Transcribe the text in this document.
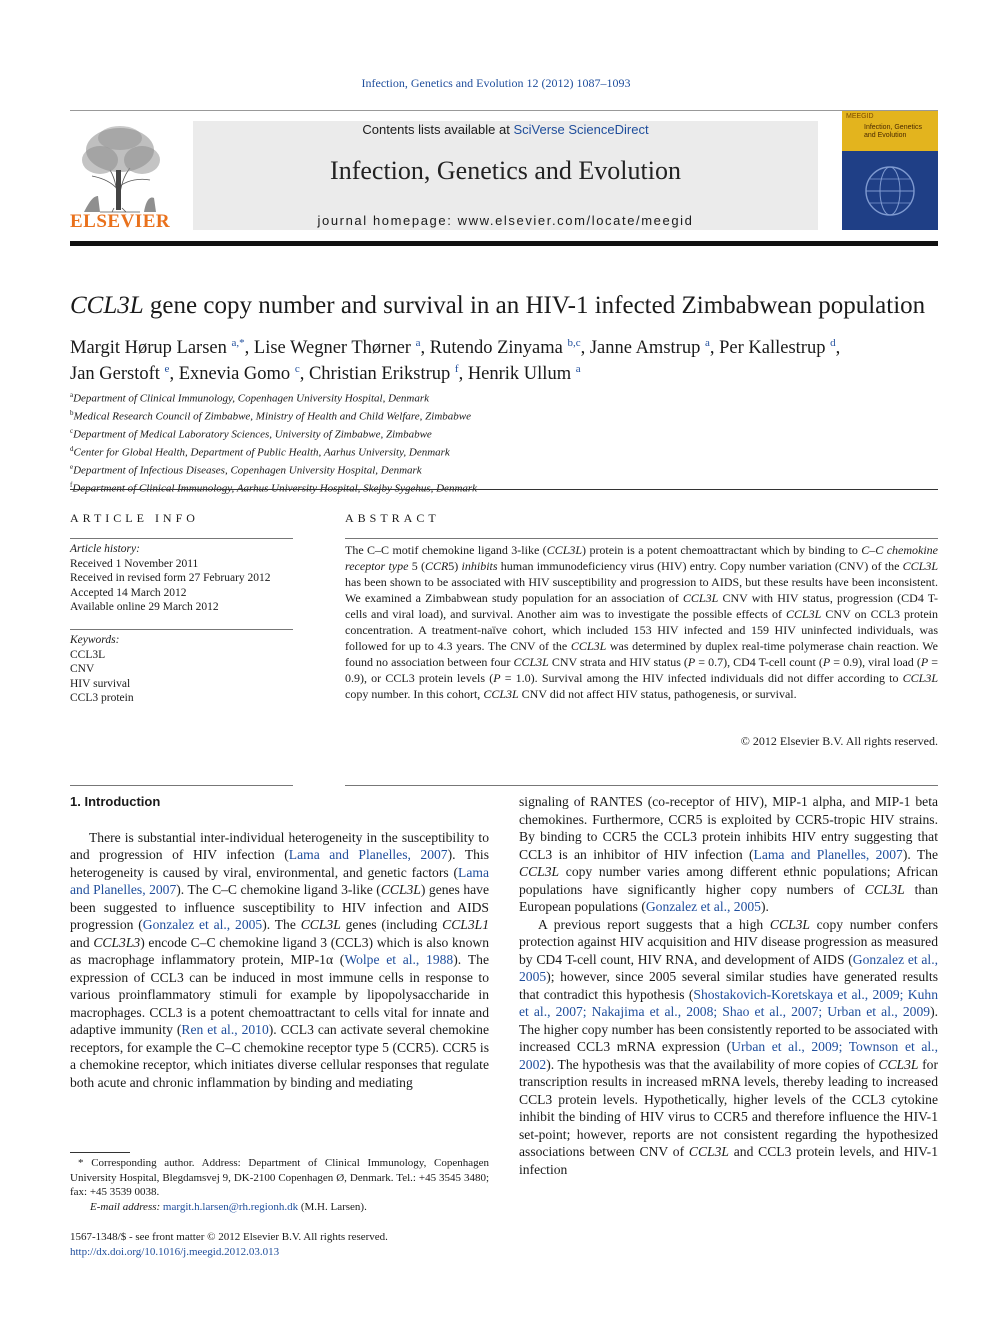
Infection, Genetics and Evolution 12 (2012) 1087–1093
ELSEVIER
Contents lists available at SciVerse ScienceDirect
Infection, Genetics and Evolution
journal homepage: www.elsevier.com/locate/meegid
MEEGID
Infection, Genetics and Evolution
CCL3L gene copy number and survival in an HIV-1 infected Zimbabwean population
Margit Hørup Larsen $^{a,*}$, Lise Wegner Thørner $^a$, Rutendo Zinyama $^{b,c}$, Janne Amstrup $^a$, Per Kallestrup $^d$,
Jan Gerstoft $^e$, Exnevia Gomo $^c$, Christian Erikstrup $^f$, Henrik Ullum $^a$
$^a$Department of Clinical Immunology, Copenhagen University Hospital, Denmark
$^b$Medical Research Council of Zimbabwe, Ministry of Health and Child Welfare, Zimbabwe
$^c$Department of Medical Laboratory Sciences, University of Zimbabwe, Zimbabwe
$^d$Center for Global Health, Department of Public Health, Aarhus University, Denmark
$^e$Department of Infectious Diseases, Copenhagen University Hospital, Denmark
$^f$
ARTICLE INFO
Article history:
Received 1 November 2011
Received in revised form 27 February 2012
Accepted 14 March 2012
Available online 29 March 2012
Keywords:
CCL3L
CNV
HIV survival
CCL3 protein
ABSTRACT
The C–C motif chemokine ligand 3-like (CCL3L) protein is a potent chemoattractant which by binding to C–C chemokine receptor type 5 (CCR5) inhibits human immunodeficiency virus (HIV) entry. Copy number variation (CNV) of the CCL3L has been shown to be associated with HIV susceptibility and progression to AIDS, but these results have been inconsistent. We examined a Zimbabwean study population for an association of CCL3L CNV with HIV status, progression (CD4 T-cells and viral load), and survival. Another aim was to investigate the possible effects of CCL3L CNV on CCL3 protein concentration. A treatment-naïve cohort, which included 153 HIV infected and 159 HIV uninfected individuals, was followed for up to 4.3 years. The CNV of the CCL3L was determined by duplex real-time polymerase chain reaction. We found no association between four CCL3L CNV strata and HIV status (P = 0.7), CD4 T-cell count (P = 0.9), viral load (P = 0.9), or CCL3 protein levels (P = 1.0). Survival among the HIV infected individuals did not differ according to CCL3L copy number. In this cohort, CCL3L CNV did not affect HIV status, pathogenesis, or survival.
© 2012 Elsevier B.V. All rights reserved.
1. Introduction

There is substantial inter-individual heterogeneity in the susceptibility to and progression of HIV infection (Lama and Planelles, 2007). This heterogeneity is caused by viral, environmental, and genetic factors (Lama and Planelles, 2007). The C–C chemokine ligand 3-like (CCL3L) genes have been suggested to influence susceptibility to HIV infection and AIDS progression (Gonzalez et al., 2005). The CCL3L genes (including CCL3L1 and CCL3L3) encode C–C chemokine ligand 3 (CCL3) which is also known as macrophage inflammatory protein, MIP-1α (Wolpe et al., 1988). The expression of CCL3 can be induced in most immune cells in response to various proinflammatory stimuli for example by lipopolysaccharide in macrophages. CCL3 is a potent chemoattractant to cells vital for innate and adaptive immunity (Ren et al., 2010). CCL3 can activate several chemokine receptors, for example the C–C chemokine receptor type 5 (CCR5). CCR5 is a chemokine receptor, which initiates diverse cellular responses that regulate both acute and chronic inflammation by binding and mediating

signaling of RANTES (co-receptor of HIV), MIP-1 alpha, and MIP-1 beta chemokines. Furthermore, CCR5 is exploited by CCR5-tropic HIV strains. By binding to CCR5 the CCL3 protein inhibits HIV entry suggesting that CCL3 is an inhibitor of HIV infection (Lama and Planelles, 2007). The CCL3L copy number varies among different ethnic populations; African populations have significantly higher copy numbers of CCL3L than European populations (Gonzalez et al., 2005).

A previous report suggests that a high CCL3L copy number confers protection against HIV acquisition and HIV disease progression as measured by CD4 T-cell count, HIV RNA, and development of AIDS (Gonzalez et al., 2005); however, since 2005 several similar studies have generated results that contradict this hypothesis (Shostakovich-Koretskaya et al., 2009; Kuhn et al., 2007; Nakajima et al., 2008; Shao et al., 2007; Urban et al., 2009). The higher copy number has been consistently reported to be associated with increased CCL3 mRNA expression (Urban et al., 2009; Townson et al., 2002). The hypothesis was that the availability of more copies of CCL3L for transcription results in increased mRNA levels, thereby leading to increased CCL3 protein levels. Hypothetically, higher levels of the CCL3 cytokine inhibit the binding of HIV virus to CCR5 and therefore influence the HIV-1 set-point; however, reports are not consistent regarding the hypothesized associations between CNV of CCL3L and CCL3 protein levels, and HIV-1 infection

* Corresponding author. Address: Department of Clinical Immunology, Copenhagen University Hospital, Blegdamsvej 9, DK-2100 Copenhagen Ø, Denmark. Tel.: +45 3545 3480; fax: +45 3539 0038.
E-mail address: margit.h.larsen@rh.regionh.dk (M.H. Larsen).
1567-1348/$ - see front matter © 2012 Elsevier B.V. All rights reserved.
http://dx.doi.org/10.1016/j.meegid.2012.03.013
